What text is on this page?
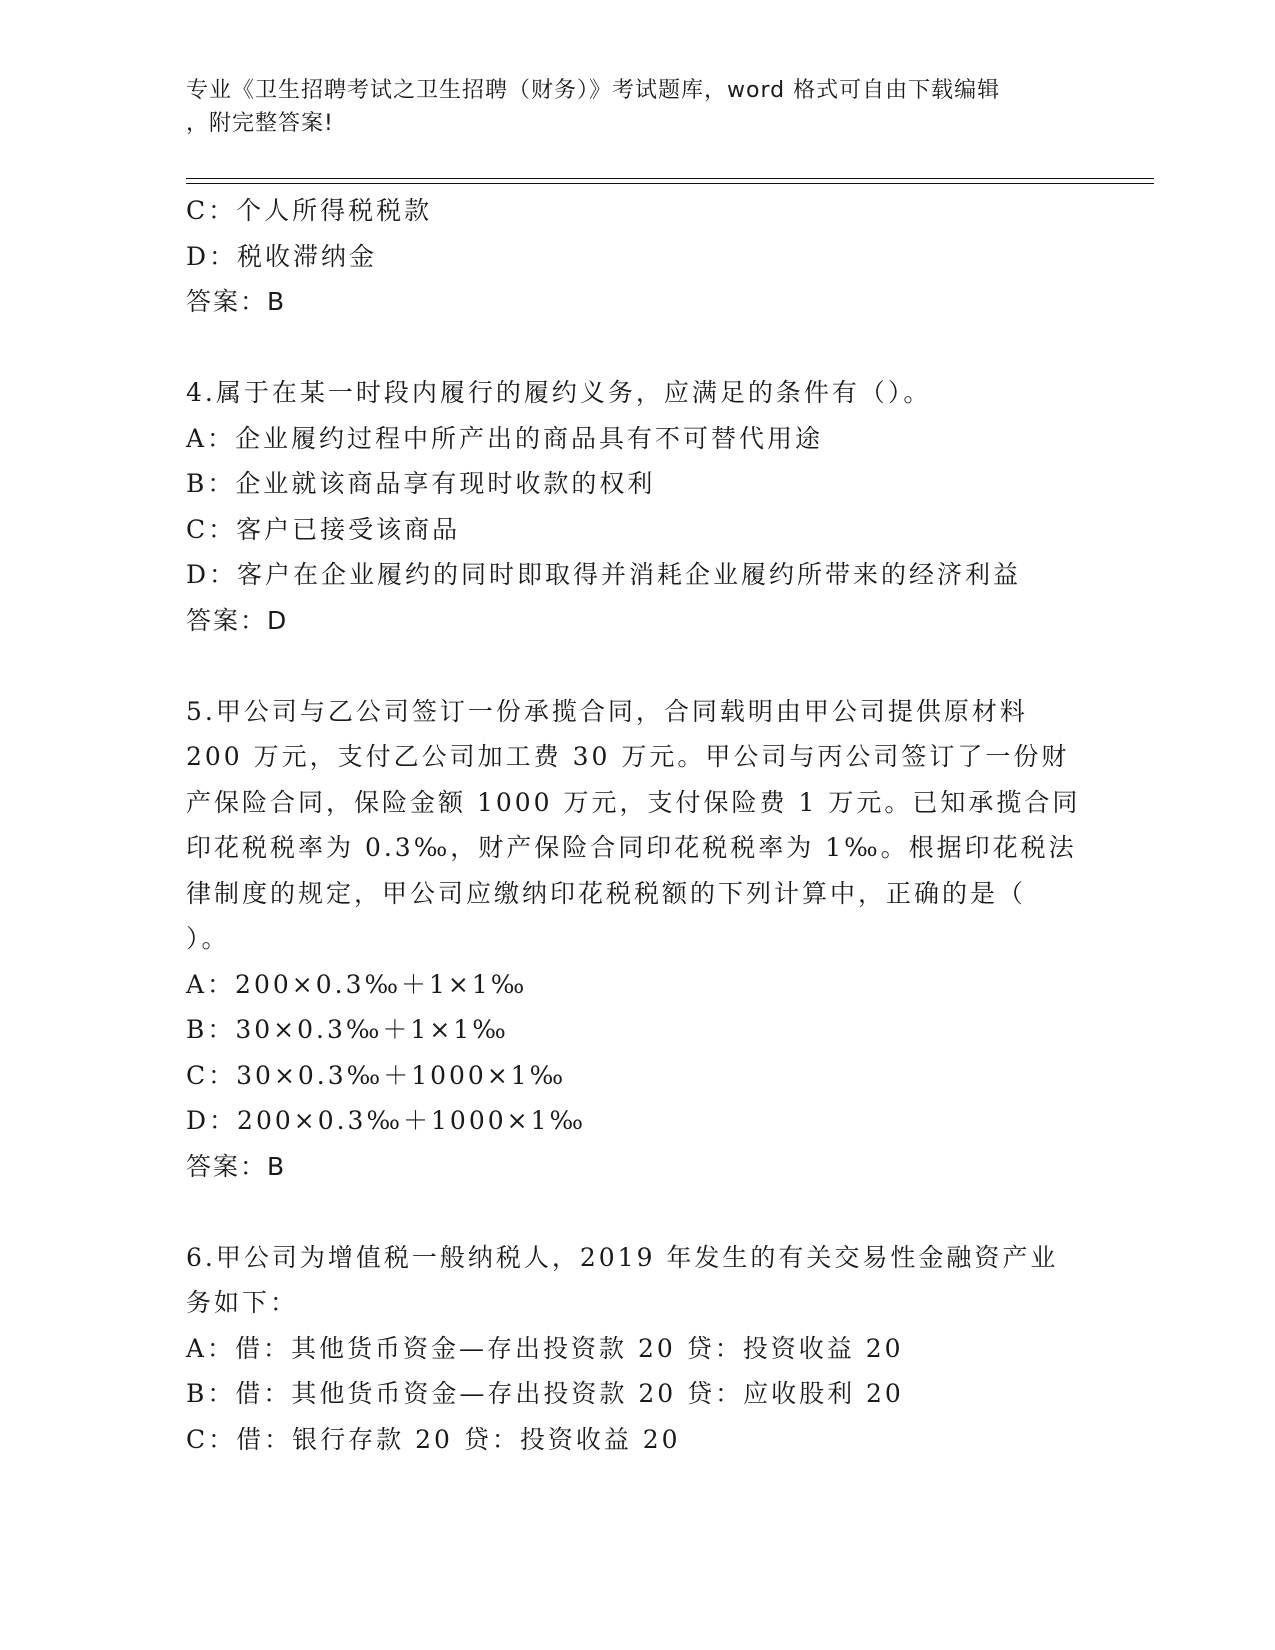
专业《卫生招聘考试之卫生招聘（财务）》考试题库，word 格式可自由下载编辑
，附完整答案!
C：个人所得税税款
D：税收滞纳金
答案：B
4.属于在某一时段内履行的履约义务，应满足的条件有（）。
A：企业履约过程中所产出的商品具有不可替代用途
B：企业就该商品享有现时收款的权利
C：客户已接受该商品
D：客户在企业履约的同时即取得并消耗企业履约所带来的经济利益
答案：D
5.甲公司与乙公司签订一份承揽合同，合同载明由甲公司提供原材料
200 万元，支付乙公司加工费 30 万元。甲公司与丙公司签订了一份财
产保险合同，保险金额 1000 万元，支付保险费 1 万元。已知承揽合同
印花税税率为 0.3‰，财产保险合同印花税税率为 1‰。根据印花税法
律制度的规定，甲公司应缴纳印花税税额的下列计算中，正确的是（
）。
A：200×0.3‰＋1×1‰
B：30×0.3‰＋1×1‰
C：30×0.3‰＋1000×1‰
D：200×0.3‰＋1000×1‰
答案：B
6.甲公司为增值税一般纳税人，2019 年发生的有关交易性金融资产业
务如下：
A：借：其他货币资金—存出投资款 20 贷：投资收益 20
B：借：其他货币资金—存出投资款 20 贷：应收股利 20
C：借：银行存款 20 贷：投资收益 20
